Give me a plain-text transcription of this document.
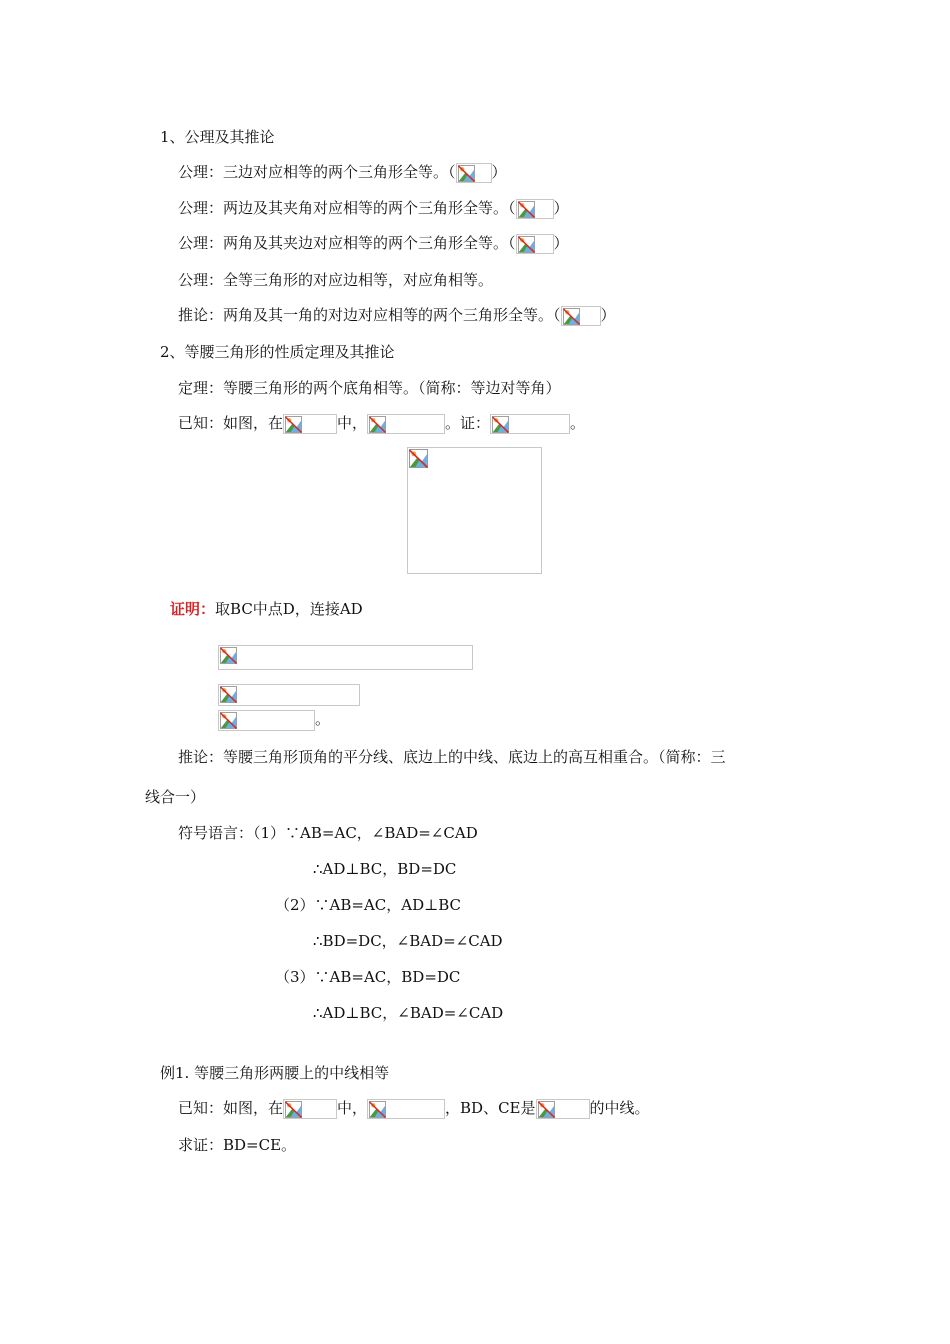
1、公理及其推论
公理：三边对应相等的两个三角形全等。（ ）
公理：两边及其夹角对应相等的两个三角形全等。（	）
公理：两角及其夹边对应相等的两个三角形全等。（	）
公理：全等三角形的对应边相等，对应角相等。
推论：两角及其一角的对边对应相等的两个三角形全等。（	）
2、等腰三角形的性质定理及其推论
定理：等腰三角形的两个底角相等。（简称：等边对等角）
已知：如图，在	中，	。证：	。
证明：取BC中点D，连接AD
。
推论：等腰三角形顶角的平分线、底边上的中线、底边上的高互相重合。（简称：三
线合一）
符号语言：（1）∵AB=AC，∠BAD=∠CAD
∴AD⊥BC，BD=DC
（2）∵AB=AC，AD⊥BC
∴BD=DC，∠BAD=∠CAD
（3）∵AB=AC，BD=DC
∴AD⊥BC，∠BAD=∠CAD
例1. 等腰三角形两腰上的中线相等
已知：如图，在	中，	，BD、CE是	的中线。
求证：BD=CE。
